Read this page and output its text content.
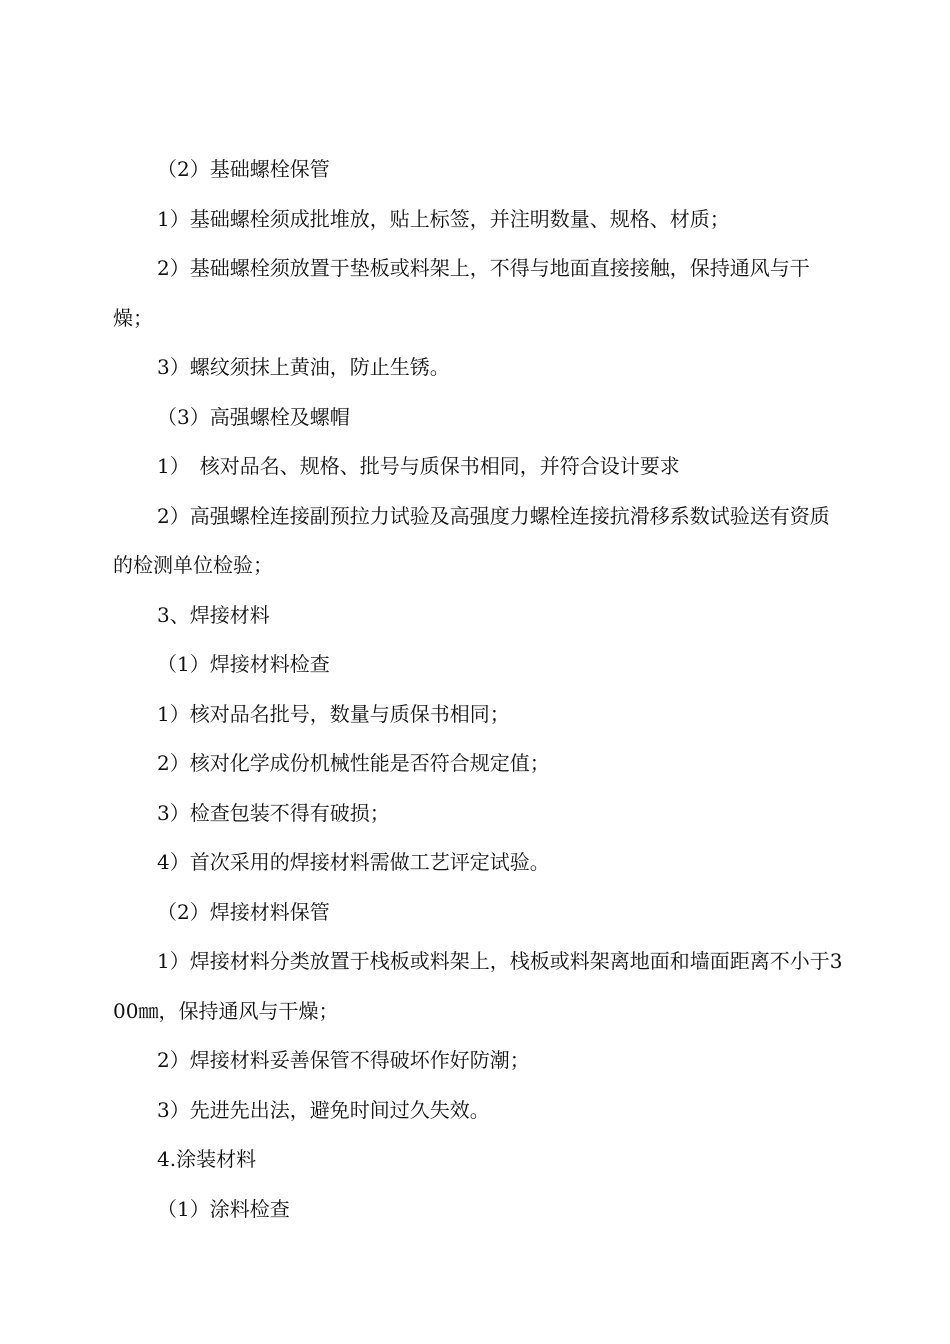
（2）基础螺栓保管

1）基础螺栓须成批堆放，贴上标签，并注明数量、规格、材质；

2）基础螺栓须放置于垫板或料架上，不得与地面直接接触，保持通风与干燥；

3）螺纹须抹上黄油，防止生锈。

（3）高强螺栓及螺帽

1）　核对品名、规格、批号与质保书相同，并符合设计要求

2）高强螺栓连接副预拉力试验及高强度力螺栓连接抗滑移系数试验送有资质的检测单位检验；

3、焊接材料

（1）焊接材料检查

1）核对品名批号，数量与质保书相同；

2）核对化学成份机械性能是否符合规定值；

3）检查包装不得有破损；

4）首次采用的焊接材料需做工艺评定试验。

（2）焊接材料保管

1）焊接材料分类放置于栈板或料架上，栈板或料架离地面和墙面距离不小于300㎜，保持通风与干燥；

2）焊接材料妥善保管不得破坏作好防潮；

3）先进先出法，避免时间过久失效。

4.涂装材料

（1）涂料检查
